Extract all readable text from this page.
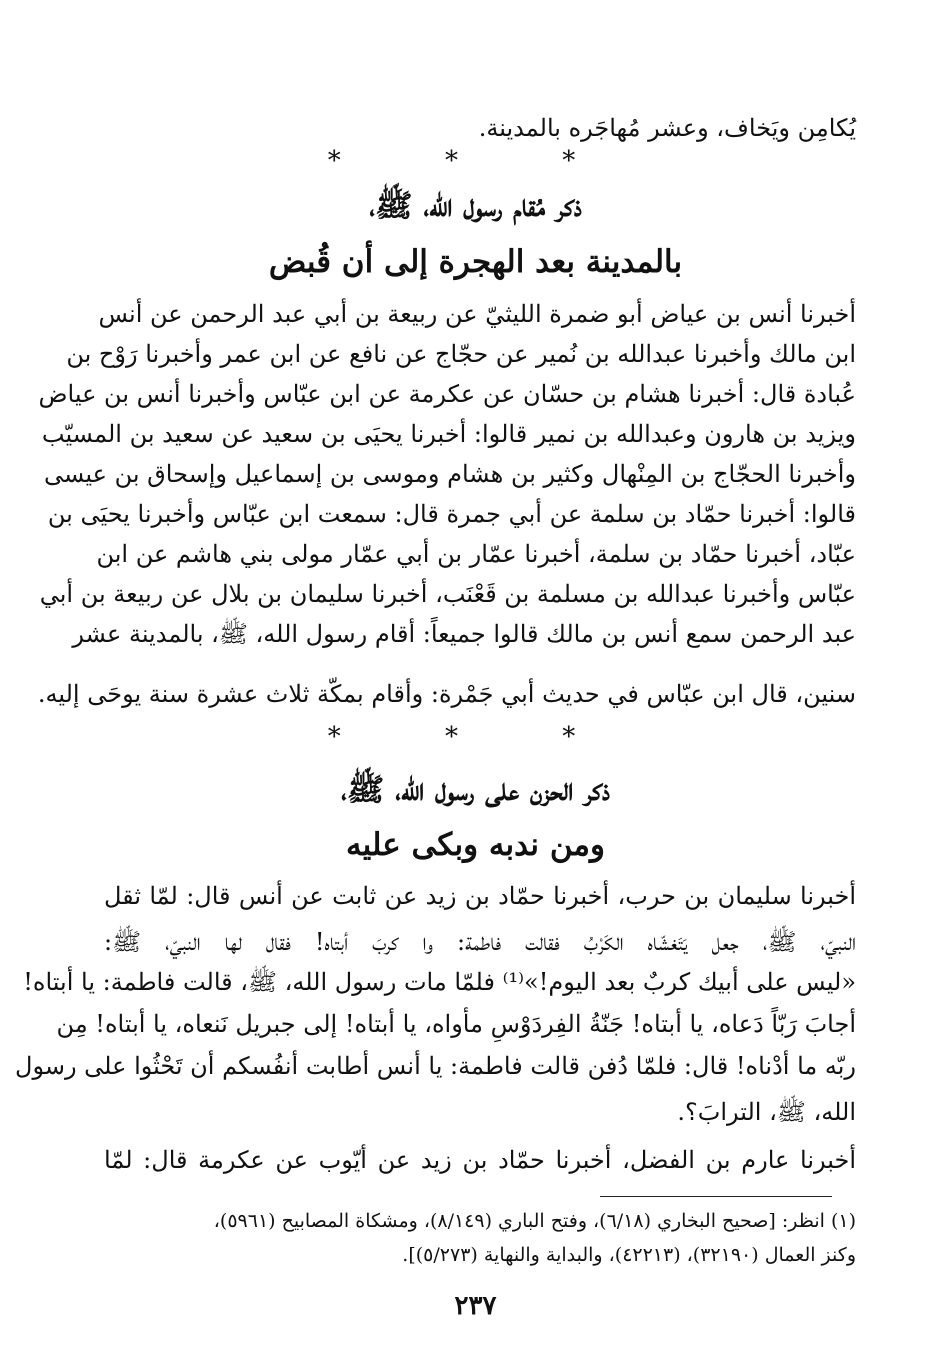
يُكامِن ويَخاف، وعشر مُهاجَره بالمدينة.
* * *
ذكر مُقام رسول الله، ﷺ،
بالمدينة بعد الهجرة إلى أن قُبض
أخبرنا أنس بن عياض أبو ضمرة الليثيّ عن ربيعة بن أبي عبد الرحمن عن أنس
ابن مالك وأخبرنا عبدالله بن نُمير عن حجّاج عن نافع عن ابن عمر وأخبرنا رَوْح بن
عُبادة قال: أخبرنا هشام بن حسّان عن عكرمة عن ابن عبّاس وأخبرنا أنس بن عياض
ويزيد بن هارون وعبدالله بن نمير قالوا: أخبرنا يحيَى بن سعيد عن سعيد بن المسيّب
وأخبرنا الحجّاج بن المِنْهال وكثير بن هشام وموسى بن إسماعيل وإسحاق بن عيسى
قالوا: أخبرنا حمّاد بن سلمة عن أبي جمرة قال: سمعت ابن عبّاس وأخبرنا يحيَى بن
عبّاد، أخبرنا حمّاد بن سلمة، أخبرنا عمّار بن أبي عمّار مولى بني هاشم عن ابن
عبّاس وأخبرنا عبدالله بن مسلمة بن قَعْنَب، أخبرنا سليمان بن بلال عن ربيعة بن أبي
عبد الرحمن سمع أنس بن مالك قالوا جميعاً: أقام رسول الله، ﷺ، بالمدينة عشر
سنين، قال ابن عبّاس في حديث أبي جَمْرة: وأقام بمكّة ثلاث عشرة سنة يوحَى إليه.
* * *
ذكر الحزن على رسول الله، ﷺ،
ومن ندبه وبكى عليه
أخبرنا سليمان بن حرب، أخبرنا حمّاد بن زيد عن ثابت عن أنس قال: لمّا ثقل
النبيّ، ﷺ، جعل يَتَغشّاه الكَرْبُ فقالت فاطمة: وا كربَ أبتاه! فقال لها النبيّ، ﷺ:
«ليس على أبيك كربٌ بعد اليوم!»⁽¹⁾ فلمّا مات رسول الله، ﷺ، قالت فاطمة: يا أبتاه!
أجابَ رَبّاً دَعاه، يا أبتاه! جَنّةُ الفِردَوْسِ مأواه، يا أبتاه! إلى جبريل نَنعاه، يا أبتاه! مِن
ربّه ما أدْناه! قال: فلمّا دُفن قالت فاطمة: يا أنس أطابت أنفُسكم أن تَحْثُوا على رسول
الله، ﷺ، الترابَ؟.
أخبرنا عارم بن الفضل، أخبرنا حمّاد بن زيد عن أيّوب عن عكرمة قال: لمّا
(١) انظر: [صحيح البخاري (٦/١٨)، وفتح الباري (٨/١٤٩)، ومشكاة المصابيح (٥٩٦١)،
وكنز العمال (٣٢١٩٠)، (٤٢٢١٣)، والبداية والنهاية (٥/٢٧٣)].
٢٣٧
